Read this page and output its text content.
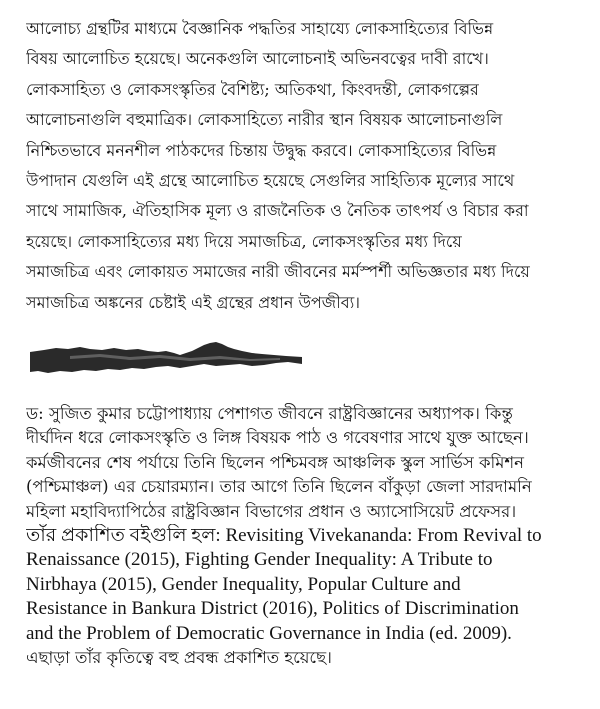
আলোচ্য গ্রন্থটির মাধ্যমে বৈজ্ঞানিক পদ্ধতির সাহায্যে লোকসাহিত্যের বিভিন্ন
বিষয় আলোচিত হয়েছে। অনেকগুলি আলোচনাই অভিনবত্বের দাবী রাখে।
লোকসাহিত্য ও লোকসংস্কৃতির বৈশিষ্ট্য; অতিকথা, কিংবদন্তী, লোকগল্পের
আলোচনাগুলি বহুমাত্রিক। লোকসাহিত্যে নারীর স্থান বিষয়ক আলোচনাগুলি
নিশ্চিতভাবে মননশীল পাঠকদের চিন্তায় উদ্বুদ্ধ করবে। লোকসাহিত্যের বিভিন্ন
উপাদান যেগুলি এই গ্রন্থে আলোচিত হয়েছে সেগুলির সাহিত্যিক মূল্যের সাথে
সাথে সামাজিক, ঐতিহাসিক মূল্য ও রাজনৈতিক ও নৈতিক তাৎপর্য ও বিচার করা
হয়েছে। লোকসাহিত্যের মধ্য দিয়ে সমাজচিত্র, লোকসংস্কৃতির মধ্য দিয়ে
সমাজচিত্র এবং লোকায়ত সমাজের নারী জীবনের মর্মস্পর্শী অভিজ্ঞতার মধ্য দিয়ে
সমাজচিত্র অঙ্কনের চেষ্টাই এই গ্রন্থের প্রধান উপজীব্য।
ড: সুজিত কুমার চট্টোপাধ্যায় পেশাগত জীবনে রাষ্ট্রবিজ্ঞানের অধ্যাপক। কিন্তু
দীর্ঘদিন ধরে লোকসংস্কৃতি ও লিঙ্গ বিষয়ক পাঠ ও গবেষণার সাথে যুক্ত আছেন।
কর্মজীবনের শেষ পর্যায়ে তিনি ছিলেন পশ্চিমবঙ্গ আঞ্চলিক স্কুল সার্ভিস কমিশন
(পশ্চিমাঞ্চল) এর চেয়ারম্যান। তার আগে তিনি ছিলেন বাঁকুড়া জেলা সারদামনি
মহিলা মহাবিদ্যাপিঠের রাষ্ট্রবিজ্ঞান বিভাগের প্রধান ও অ্যাসোসিয়েট প্রফেসর।
তাঁর প্রকাশিত বইগুলি হল: Revisiting Vivekananda: From Revival to
Renaissance (2015), Fighting Gender Inequality: A Tribute to
Nirbhaya (2015), Gender Inequality, Popular Culture and
Resistance in Bankura District (2016), Politics of Discrimination
and the Problem of Democratic Governance in India (ed. 2009).
এছাড়া তাঁর কৃতিত্বে বহু প্রবন্ধ প্রকাশিত হয়েছে।
